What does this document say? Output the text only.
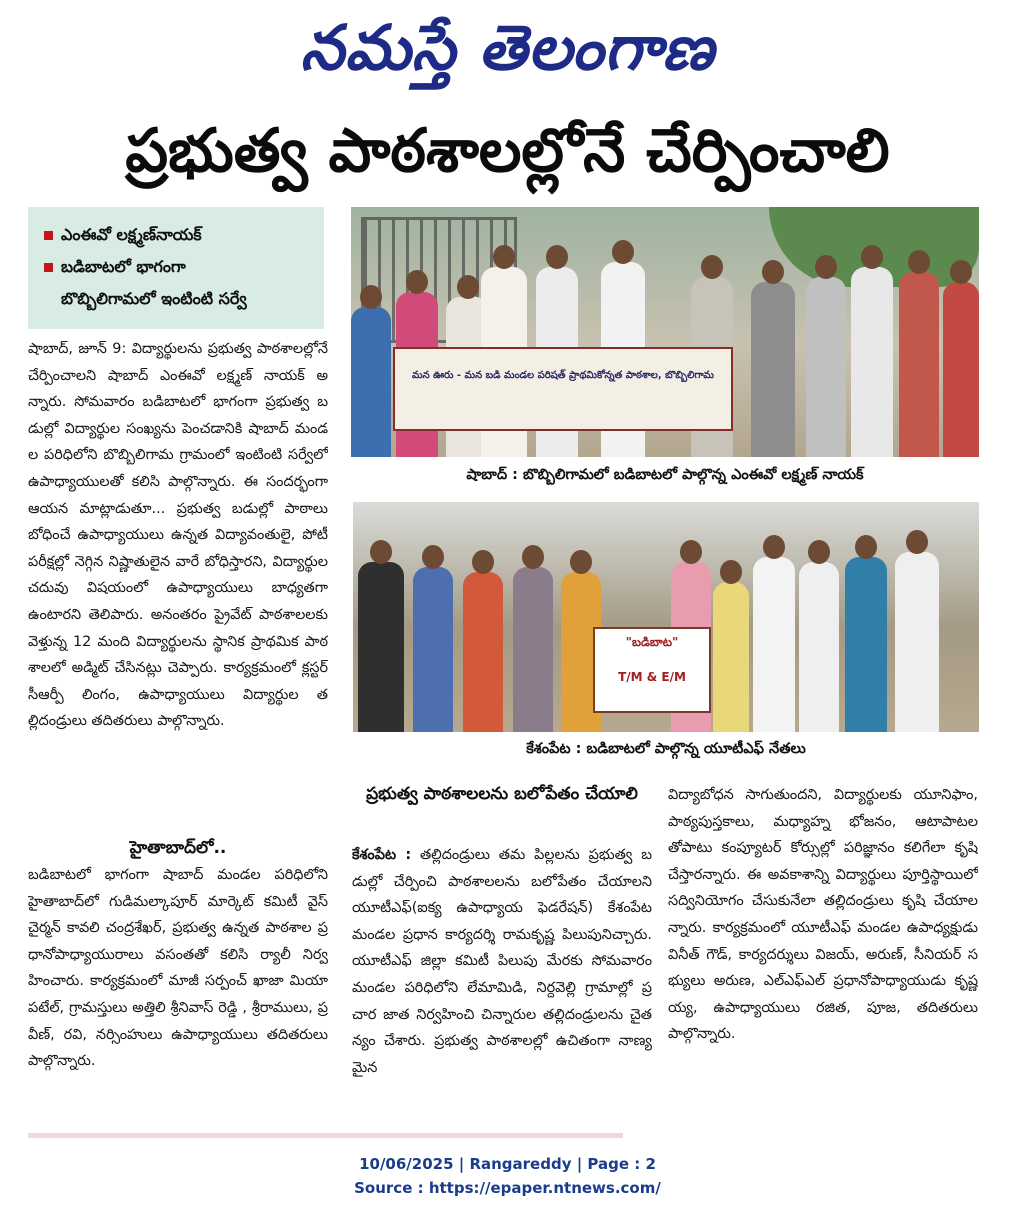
నమస్తే తెలంగాణ
ప్రభుత్వ పాఠశాలల్లోనే చేర్పించాలి
ఎంఈవో లక్ష్మణ్‌నాయక్
బడిబాటలో భాగంగా
బొబ్బిలిగామలో ఇంటింటి సర్వే
షాబాద్‌, జూన్‌ 9: విద్యార్థులను ప్రభుత్వ పాఠశాలల్లోనే చేర్పించాలని షాబాద్‌ ఎంఈవో లక్ష్మణ్‌ నాయక్‌ అన్నారు. సోమవారం బడిబాటలో భాగంగా ప్రభుత్వ బడుల్లో విద్యార్థుల సంఖ్యను పెంచడానికి షాబాద్‌ మండల పరిధిలోని బొబ్బిలిగామ గ్రామంలో ఇంటింటి సర్వేలో ఉపాధ్యాయులతో కలిసి పాల్గొన్నారు. ఈ సందర్భంగా ఆయన మాట్లాడుతూ... ప్రభుత్వ బడుల్లో పాఠాలు బోధించే ఉపాధ్యాయులు ఉన్నత విద్యావంతులై, పోటీ పరీక్షల్లో నెగ్గిన నిష్ణాతులైన వారే బోధిస్తారని, విద్యార్థుల చదువు విషయంలో ఉపాధ్యాయులు బాధ్యతగా ఉంటారని తెలిపారు. అనంతరం ప్రైవేట్‌ పాఠశాలలకు వెళ్తున్న 12 మంది విద్యార్థులను స్థానిక ప్రాథమిక పాఠశాలలో అడ్మిట్‌ చేసినట్లు చెప్పారు. కార్యక్రమంలో క్లస్టర్‌ సీఆర్పీ లింగం, ఉపాధ్యాయులు విద్యార్థుల తల్లిదండ్రులు తదితరులు పాల్గొన్నారు.
హైతాబాద్‌లో..
బడిబాటలో భాగంగా షాబాద్‌ మండల పరిధిలోని హైతాబాద్‌లో గుడిమల్కాపూర్‌ మార్కెట్‌ కమిటీ వైస్‌ చైర్మన్‌ కావలి చంద్రశేఖర్‌, ప్రభుత్వ ఉన్నత పాఠశాల ప్రధానోపాధ్యాయురాలు వసంతతో కలిసి ర్యాలీ నిర్వహించారు. కార్యక్రమంలో మాజీ సర్పంచ్‌ ఖాజా మియా పటేల్‌, గ్రామస్తులు అత్తిలి శ్రీనివాస్‌ రెడ్డి , శ్రీరాములు, ప్రవీణ్‌, రవి, నర్సింహులు ఉపాధ్యాయులు తదితరులు పాల్గొన్నారు.
మన ఊరు - మన బడి మండల పరిషత్‌ ప్రాథమికోన్నత పాఠశాల, బొబ్బిలిగామ
షాబాద్‌ : బొబ్బిలిగామలో బడిబాటలో పాల్గొన్న ఎంఈవో లక్ష్మణ్‌ నాయక్‌
"బడిబాట"
T/M & E/M
కేశంపేట : బడిబాటలో పాల్గొన్న యూటీఎఫ్‌ నేతలు
ప్రభుత్వ పాఠశాలలను బలోపేతం చేయాలి
కేశంపేట : తల్లిదండ్రులు తమ పిల్లలను ప్రభుత్వ బడుల్లో చేర్పించి పాఠశాలలను బలోపేతం చేయాలని యూటీఎఫ్‌(ఐక్య ఉపాధ్యాయ ఫెడరేషన్‌) కేశంపేట మండల ప్రధాన కార్యదర్శి రామకృష్ణ పిలుపునిచ్చారు. యూటీఎఫ్‌ జిల్లా కమిటీ పిలుపు మేరకు సోమవారం మండల పరిధిలోని లేమామిడి, నిర్దవెల్లి గ్రామాల్లో ప్రచార జాత నిర్వహించి చిన్నారుల తల్లిదండ్రులను చైతన్యం చేశారు. ప్రభుత్వ పాఠశాలల్లో ఉచితంగా నాణ్యమైన
విద్యాబోధన సాగుతుందని, విద్యార్థులకు యూనిఫాం, పాఠ్యపుస్తకాలు, మధ్యాహ్న భోజనం, ఆటాపాటలతోపాటు కంప్యూటర్‌ కోర్సుల్లో పరిజ్ఞానం కలిగేలా కృషి చేస్తారన్నారు. ఈ అవకాశాన్ని విద్యార్థులు పూర్తిస్థాయిలో సద్వినియోగం చేసుకునేలా తల్లిదండ్రులు కృషి చేయాలన్నారు. కార్యక్రమంలో యూటీఎఫ్‌ మండల ఉపాధ్యక్షుడు వినీత్‌ గౌడ్‌, కార్యదర్శులు విజయ్‌, అరుణ్‌, సీనియర్‌ సభ్యులు అరుణ, ఎల్‌ఎఫ్‌ఎల్‌ ప్రధానోపాధ్యాయుడు కృష్ణయ్య, ఉపాధ్యాయులు రజిత, పూజ, తదితరులు పాల్గొన్నారు.
10/06/2025 | Rangareddy | Page : 2
Source : https://epaper.ntnews.com/
